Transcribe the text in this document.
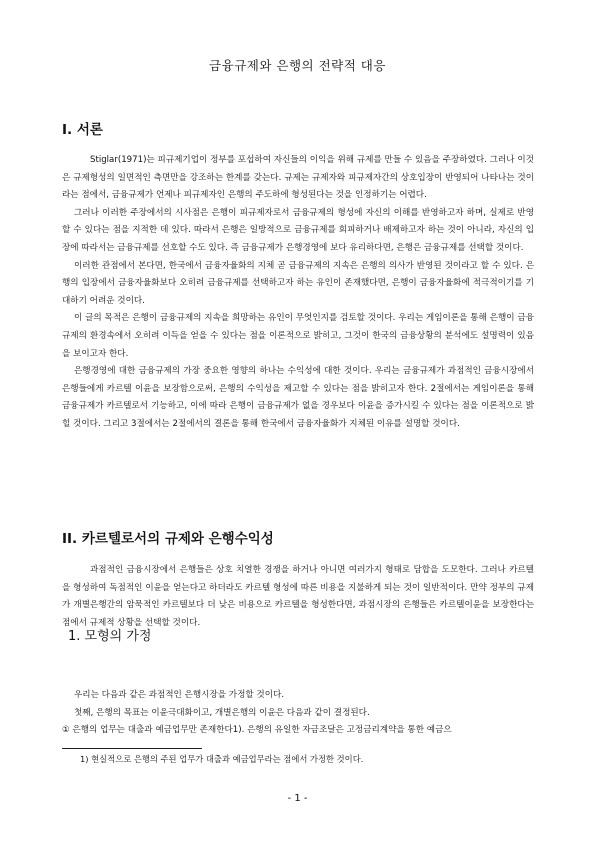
금융규제와 은행의 전략적 대응
I. 서론

Stiglar(1971)는 피규제기업이 정부를 포섭하여 자신들의 이익을 위해 규제를 만들 수 있음을 주장하였다. 그러나 이것은 규제형성의 일면적인 측면만을 강조하는 한계를 갖는다. 규제는 규제자와 피규제자간의 상호입장이 반영되어 나타나는 것이라는 점에서, 금융규제가 언제나 피규제자인 은행의 주도하에 형성된다는 것을 인정하기는 어렵다.

그러나 이러한 주장에서의 시사점은 은행이 피규제자로서 금융규제의 형성에 자신의 이해를 반영하고자 하며, 실제로 반영할 수 있다는 점을 지적한 데 있다. 따라서 은행은 일방적으로 금융규제를 회피하거나 배제하고자 하는 것이 아니라, 자신의 입장에 따라서는 금융규제를 선호할 수도 있다. 즉 금융규제가 은행경영에 보다 유리하다면, 은행은 금융규제를 선택할 것이다.

이러한 관점에서 본다면, 한국에서 금융자율화의 지체 곧 금융규제의 지속은 은행의 의사가 반영된 것이라고 할 수 있다. 은행의 입장에서 금융자율화보다 오히려 금융규제를 선택하고자 하는 유인이 존재했다면, 은행이 금융자율화에 적극적이기를 기대하기 어려운 것이다.

이 글의 목적은 은행이 금융규제의 지속을 희망하는 유인이 무엇인지를 검토할 것이다. 우리는 게임이론을 통해 은행이 금융규제의 환경속에서 오히려 이득을 얻을 수 있다는 점을 이론적으로 밝히고, 그것이 한국의 금융상황의 분석에도 설명력이 있음을 보이고자 한다.

은행경영에 대한 금융규제의 가장 중요한 영향의 하나는 수익성에 대한 것이다. 우리는 금융규제가 과점적인 금융시장에서 은행들에게 카르텔 이윤을 보장함으로써, 은행의 수익성을 제고할 수 있다는 점을 밝히고자 한다. 2절에서는 게임이론을 통해 금융규제가 카르텔로서 기능하고, 이에 따라 은행이 금융규제가 없을 경우보다 이윤을 증가시킬 수 있다는 점을 이론적으로 밝힐 것이다. 그리고 3절에서는 2절에서의 결론을 통해 한국에서 금융자율화가 지체된 이유를 설명할 것이다.

II. 카르텔로서의 규제와 은행수익성

과점적인 금융시장에서 은행들은 상호 치열한 경쟁을 하거나 아니면 여러가지 형태로 담합을 도모한다. 그러나 카르텔을 형성하여 독점적인 이윤을 얻는다고 하더라도 카르텔 형성에 따른 비용을 지불하게 되는 것이 일반적이다. 만약 정부의 규제가 개별은행간의 암묵적인 카르텔보다 더 낮은 비용으로 카르텔을 형성한다면, 과점시장의 은행들은 카르텔이윤을 보장한다는 점에서 규제적 상황을 선택할 것이다.

1. 모형의 가정

우리는 다음과 같은 과점적인 은행시장을 가정할 것이다.

첫째, 은행의 목표는 이윤극대화이고, 개별은행의 이윤은 다음과 같이 결정된다.

① 은행의 업무는 대출과 예금업무만 존재한다1). 은행의 유일한 자금조달은 고정금리계약을 통한 예금으

1) 현실적으로 은행의 주된 업무가 대출과 예금업무라는 점에서 가정한 것이다.
- 1 -
